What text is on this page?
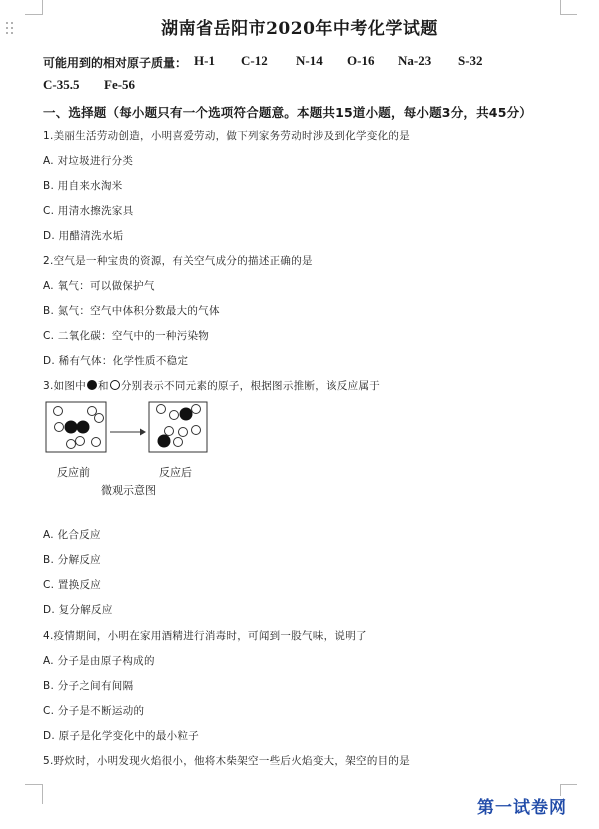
湖南省岳阳市2020年中考化学试题
可能用到的相对原子质量： H-1 C-12 N-14 O-16 Na-23 S-32
C-35.5 Fe-56
一、选择题（每小题只有一个选项符合题意。本题共15道小题，每小题3分，共45分）
1.美丽生活劳动创造，小明喜爱劳动，做下列家务劳动时涉及到化学变化的是
A. 对垃圾进行分类
B. 用自来水淘米
C. 用清水擦洗家具
D. 用醋清洗水垢
2.空气是一种宝贵的资源，有关空气成分的描述正确的是
A. 氧气：可以做保护气
B. 氮气：空气中体积分数最大的气体
C. 二氧化碳：空气中的一种污染物
D. 稀有气体：化学性质不稳定
3.如图中 和 分别表示不同元素的原子，根据图示推断，该反应属于
反应前	反应后
微观示意图
A. 化合反应
B. 分解反应
C. 置换反应
D. 复分解反应
4.疫情期间，小明在家用酒精进行消毒时，可闻到一股气味，说明了
A. 分子是由原子构成的
B. 分子之间有间隔
C. 分子是不断运动的
D. 原子是化学变化中的最小粒子
5.野炊时，小明发现火焰很小，他将木柴架空一些后火焰变大，架空的目的是
第一试卷网
